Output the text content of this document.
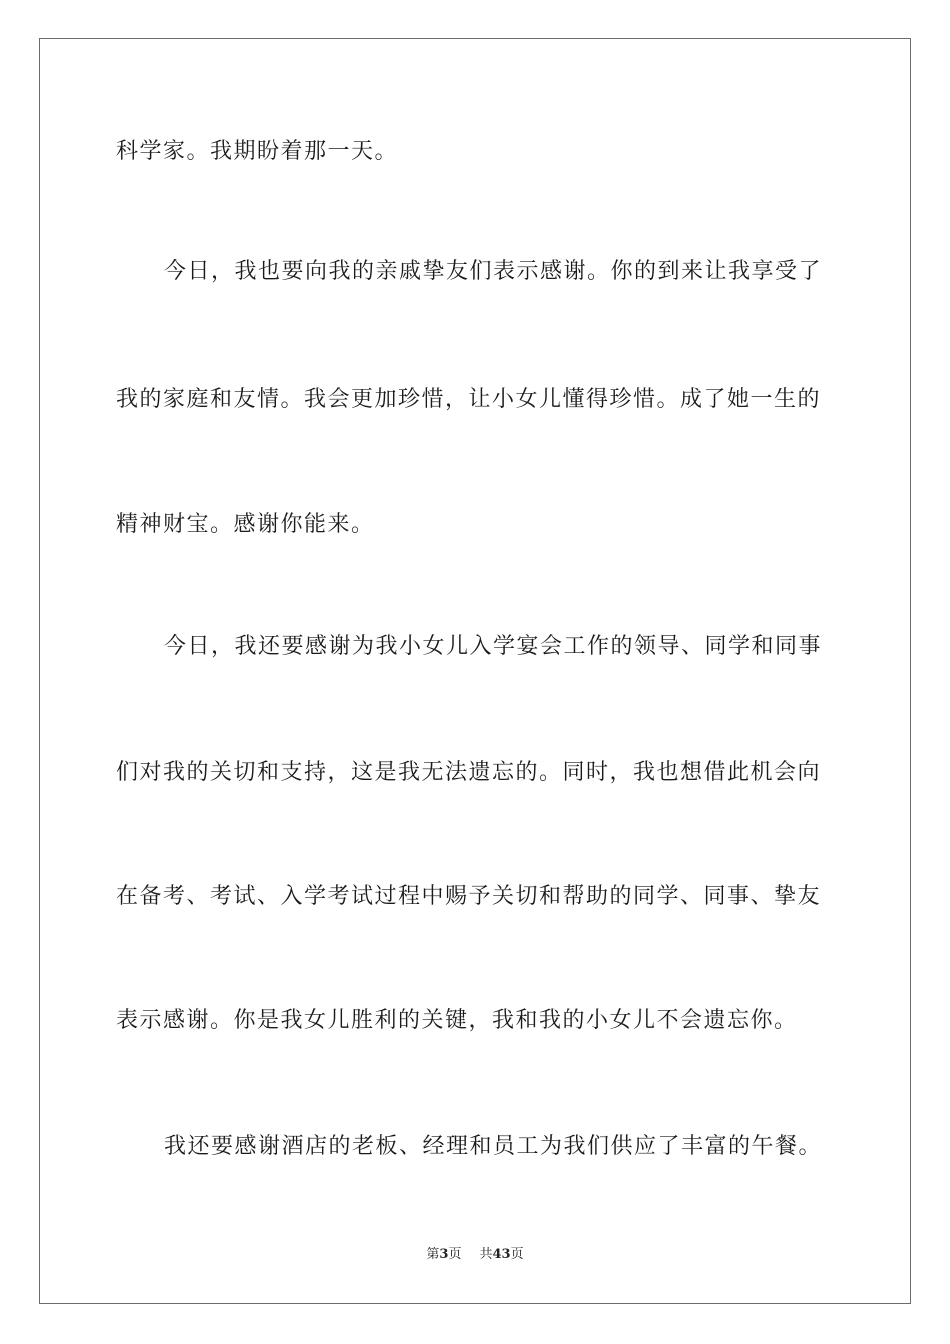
科学家。我期盼着那一天。
今日，我也要向我的亲戚挚友们表示感谢。你的到来让我享受了
我的家庭和友情。我会更加珍惜，让小女儿懂得珍惜。成了她一生的
精神财宝。感谢你能来。
今日，我还要感谢为我小女儿入学宴会工作的领导、同学和同事
们对我的关切和支持，这是我无法遗忘的。同时，我也想借此机会向
在备考、考试、入学考试过程中赐予关切和帮助的同学、同事、挚友
表示感谢。你是我女儿胜利的关键，我和我的小女儿不会遗忘你。
我还要感谢酒店的老板、经理和员工为我们供应了丰富的午餐。
第3页 共43页
